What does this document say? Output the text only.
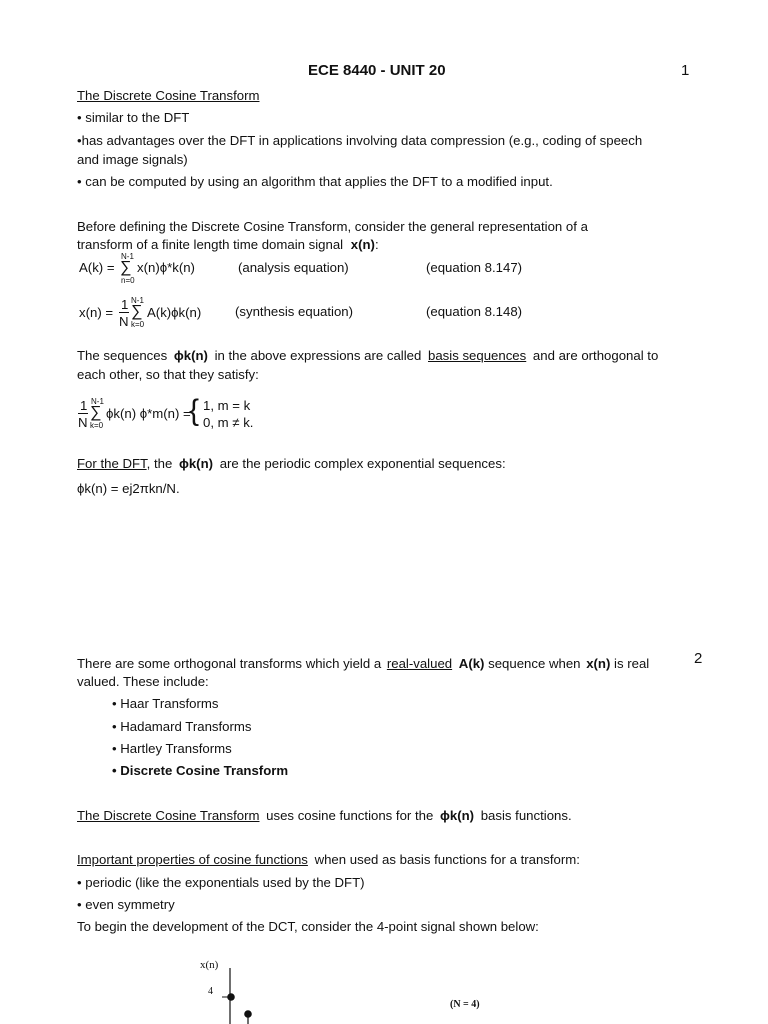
ECE 8440 - UNIT 20	1
The Discrete Cosine Transform
• similar to the DFT
•has advantages over the DFT in applications involving data compression (e.g., coding of speech
and image signals)
• can be computed by using an algorithm that applies the DFT to a modified input.
Before defining the Discrete Cosine Transform, consider the general representation of a
transform of a finite length time domain signal x(n):
A(k) =
N-1
∑
n=0
x(n)ϕ*k(n)	(analysis equation)	(equation 8.147)
x(n) =
1
N
N-1
∑
k=0
A(k)ϕk(n)	(synthesis equation)	(equation 8.148)
The sequences ϕk(n) in the above expressions are called basis sequences and are orthogonal to
each other, so that they satisfy:
1
N
N-1
∑
k=0
ϕk(n) ϕ*m(n) =
{ 1, m = k
0, m ≠ k.
For the DFT, the ϕk(n) are the periodic complex exponential sequences:
ϕk(n) = ej2πkn/N.
2
There are some orthogonal transforms which yield a real-valued A(k) sequence when x(n) is real
valued. These include:
• Haar Transforms
• Hadamard Transforms
• Hartley Transforms
• Discrete Cosine Transform
The Discrete Cosine Transform uses cosine functions for the ϕk(n) basis functions.
Important properties of cosine functions when used as basis functions for a transform:
• periodic (like the exponentials used by the DFT)
• even symmetry
To begin the development of the DCT, consider the 4-point signal shown below:
x(n)
4
(N = 4)
